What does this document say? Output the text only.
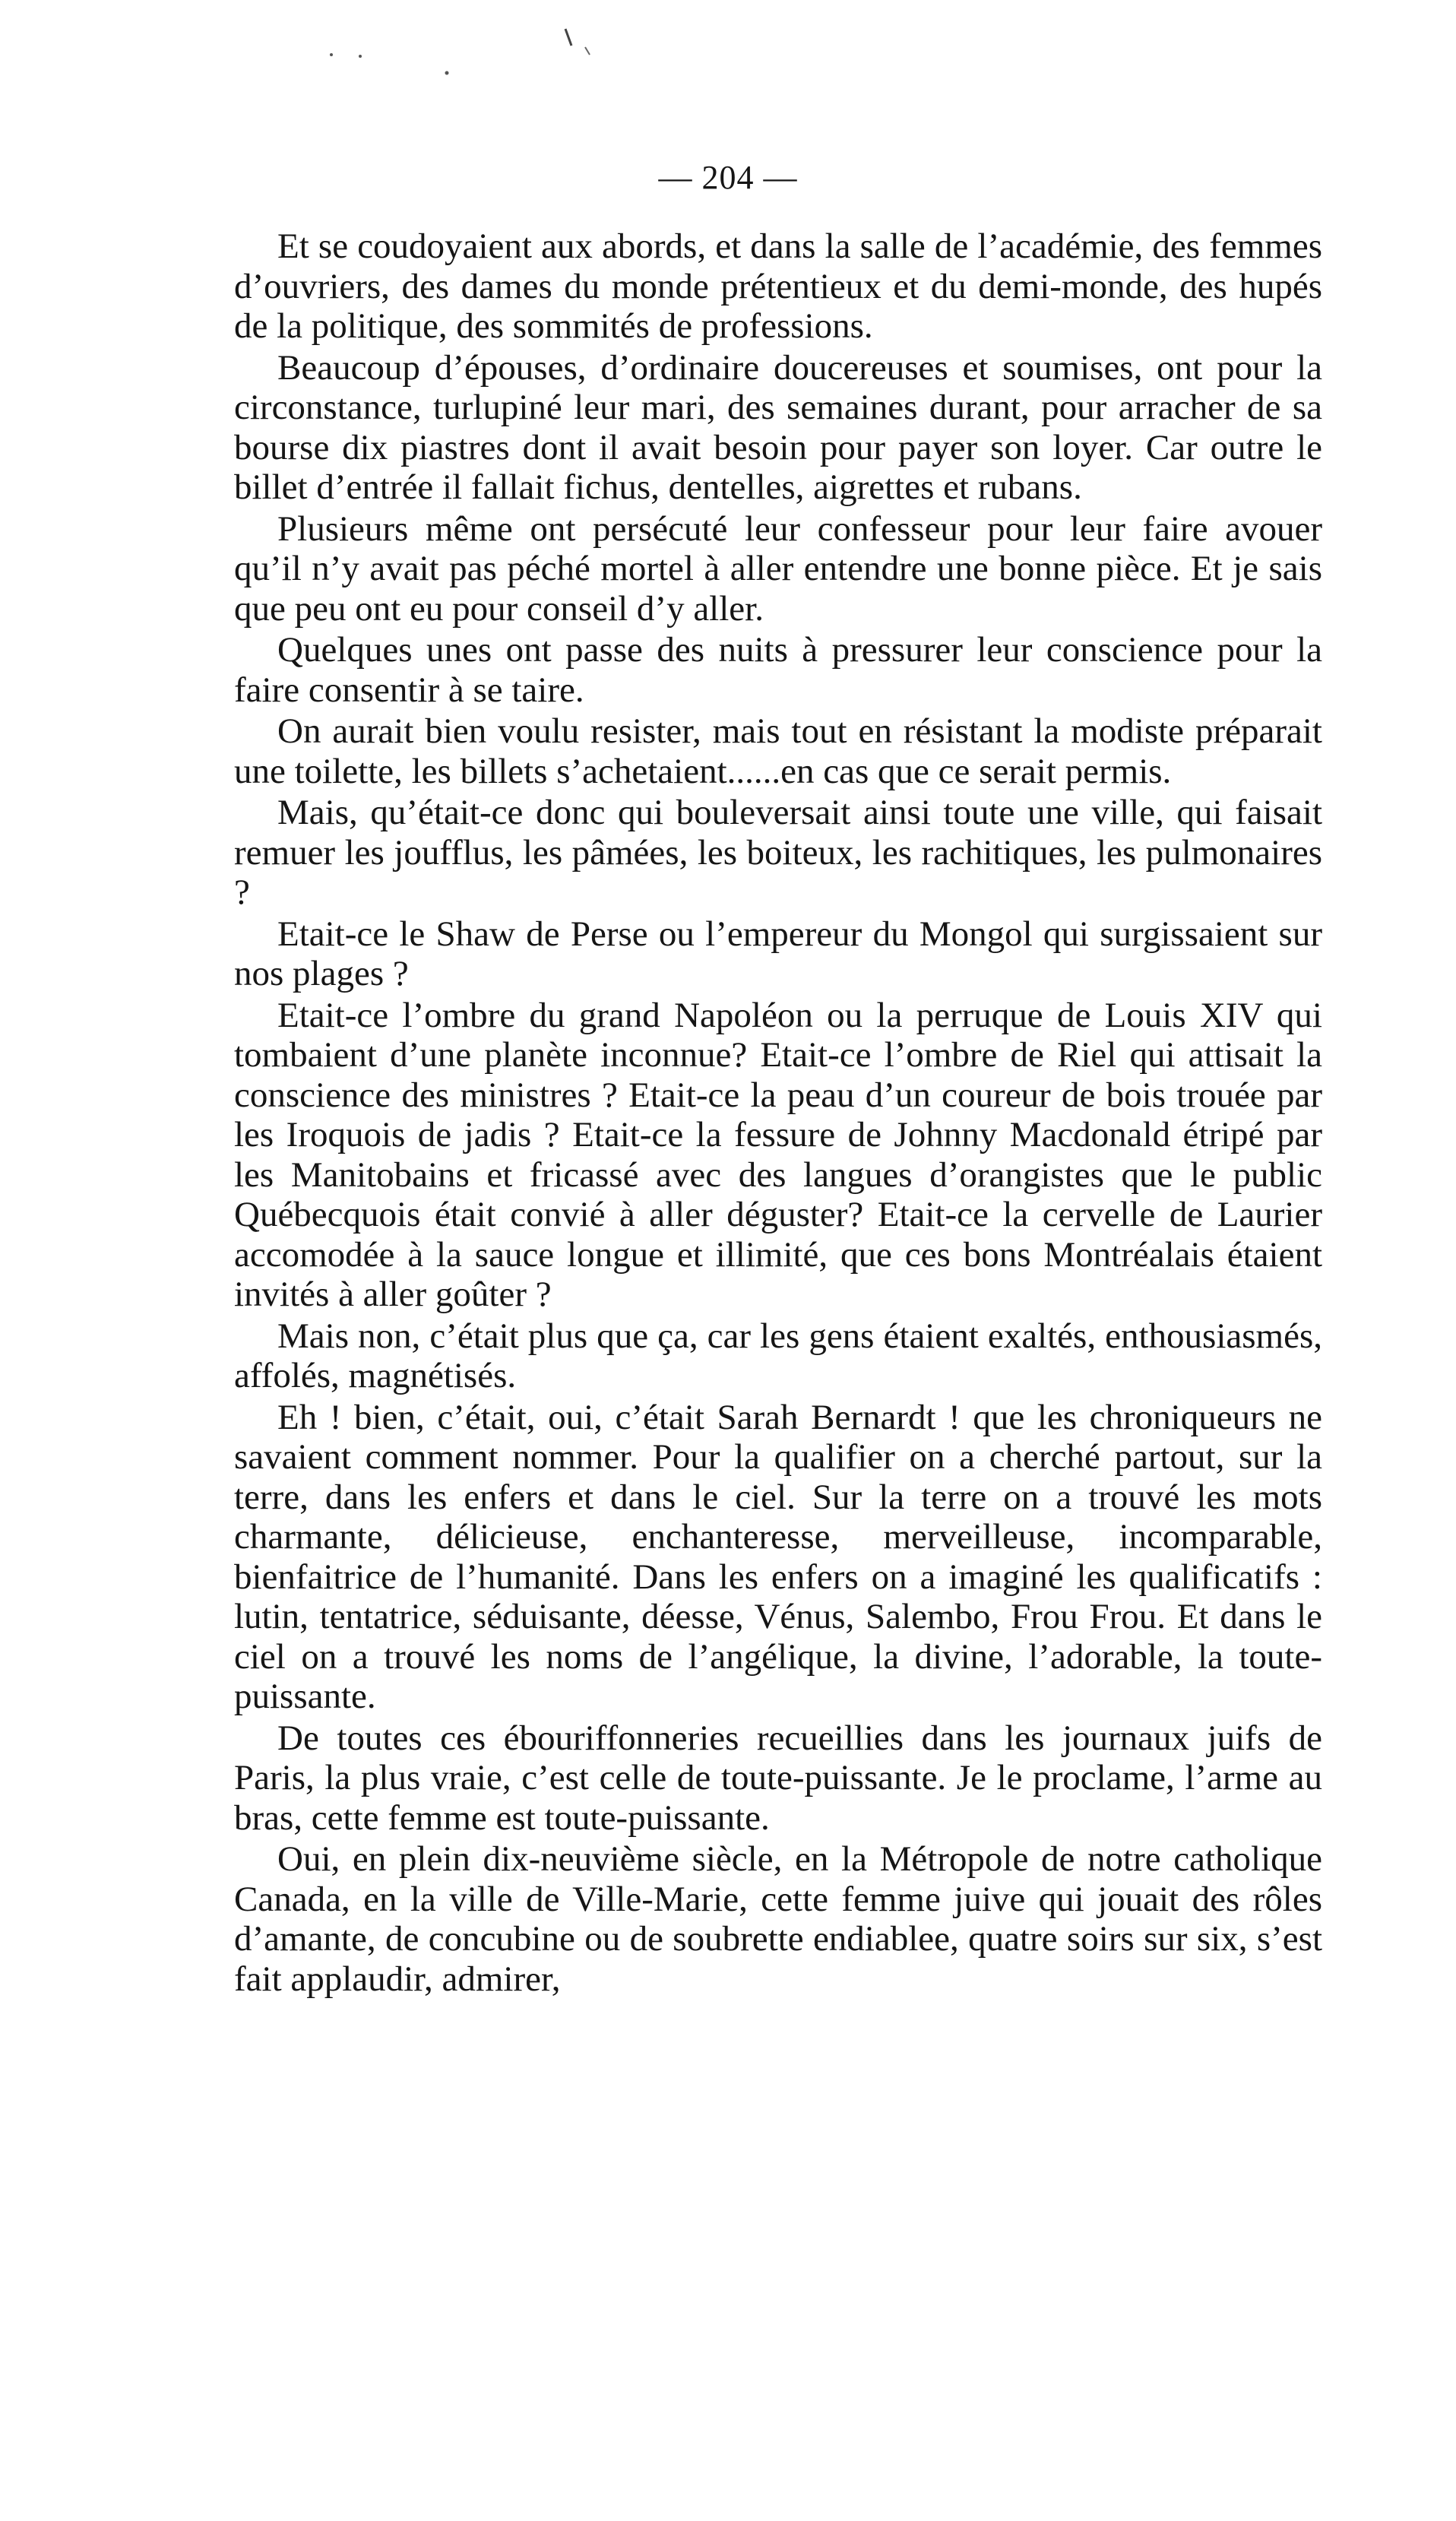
— 204 —

Et se coudoyaient aux abords, et dans la salle de l’académie, des femmes d’ouvriers, des dames du monde prétentieux et du demi-monde, des hupés de la politique, des sommités de professions.

Beaucoup d’épouses, d’ordinaire doucereuses et soumises, ont pour la circonstance, turlupiné leur mari, des semaines durant, pour arracher de sa bourse dix piastres dont il avait besoin pour payer son loyer. Car outre le billet d’entrée il fallait fichus, dentelles, aigrettes et rubans.

Plusieurs même ont persécuté leur confesseur pour leur faire avouer qu’il n’y avait pas péché mortel à aller entendre une bonne pièce. Et je sais que peu ont eu pour conseil d’y aller.

Quelques unes ont passe des nuits à pressurer leur conscience pour la faire consentir à se taire.

On aurait bien voulu resister, mais tout en résistant la modiste préparait une toilette, les billets s’achetaient......en cas que ce serait permis.

Mais, qu’était-ce donc qui bouleversait ainsi toute une ville, qui faisait remuer les joufflus, les pâmées, les boiteux, les rachitiques, les pulmonaires ?

Etait-ce le Shaw de Perse ou l’empereur du Mongol qui surgissaient sur nos plages ?

Etait-ce l’ombre du grand Napoléon ou la perruque de Louis XIV qui tombaient d’une planète inconnue? Etait-ce l’ombre de Riel qui attisait la conscience des ministres ? Etait-ce la peau d’un coureur de bois trouée par les Iroquois de jadis ? Etait-ce la fessure de Johnny Macdonald étripé par les Manitobains et fricassé avec des langues d’orangistes que le public Québecquois était convié à aller déguster? Etait-ce la cervelle de Laurier accomodée à la sauce longue et illimité, que ces bons Montréalais étaient invités à aller goûter ?

Mais non, c’était plus que ça, car les gens étaient exaltés, enthousiasmés, affolés, magnétisés.

Eh ! bien, c’était, oui, c’était Sarah Bernardt ! que les chroniqueurs ne savaient comment nommer. Pour la qualifier on a cherché partout, sur la terre, dans les enfers et dans le ciel. Sur la terre on a trouvé les mots charmante, délicieuse, enchanteresse, merveilleuse, incomparable, bienfaitrice de l’humanité. Dans les enfers on a imaginé les qualificatifs : lutin, tentatrice, séduisante, déesse, Vénus, Salembo, Frou Frou. Et dans le ciel on a trouvé les noms de l’angélique, la divine, l’adorable, la toute-puissante.

De toutes ces ébouriffonneries recueillies dans les journaux juifs de Paris, la plus vraie, c’est celle de toute-puissante. Je le proclame, l’arme au bras, cette femme est toute-puissante.

Oui, en plein dix-neuvième siècle, en la Métropole de notre catholique Canada, en la ville de Ville-Marie, cette femme juive qui jouait des rôles d’amante, de concubine ou de soubrette endiablee, quatre soirs sur six, s’est fait applaudir, admirer,
